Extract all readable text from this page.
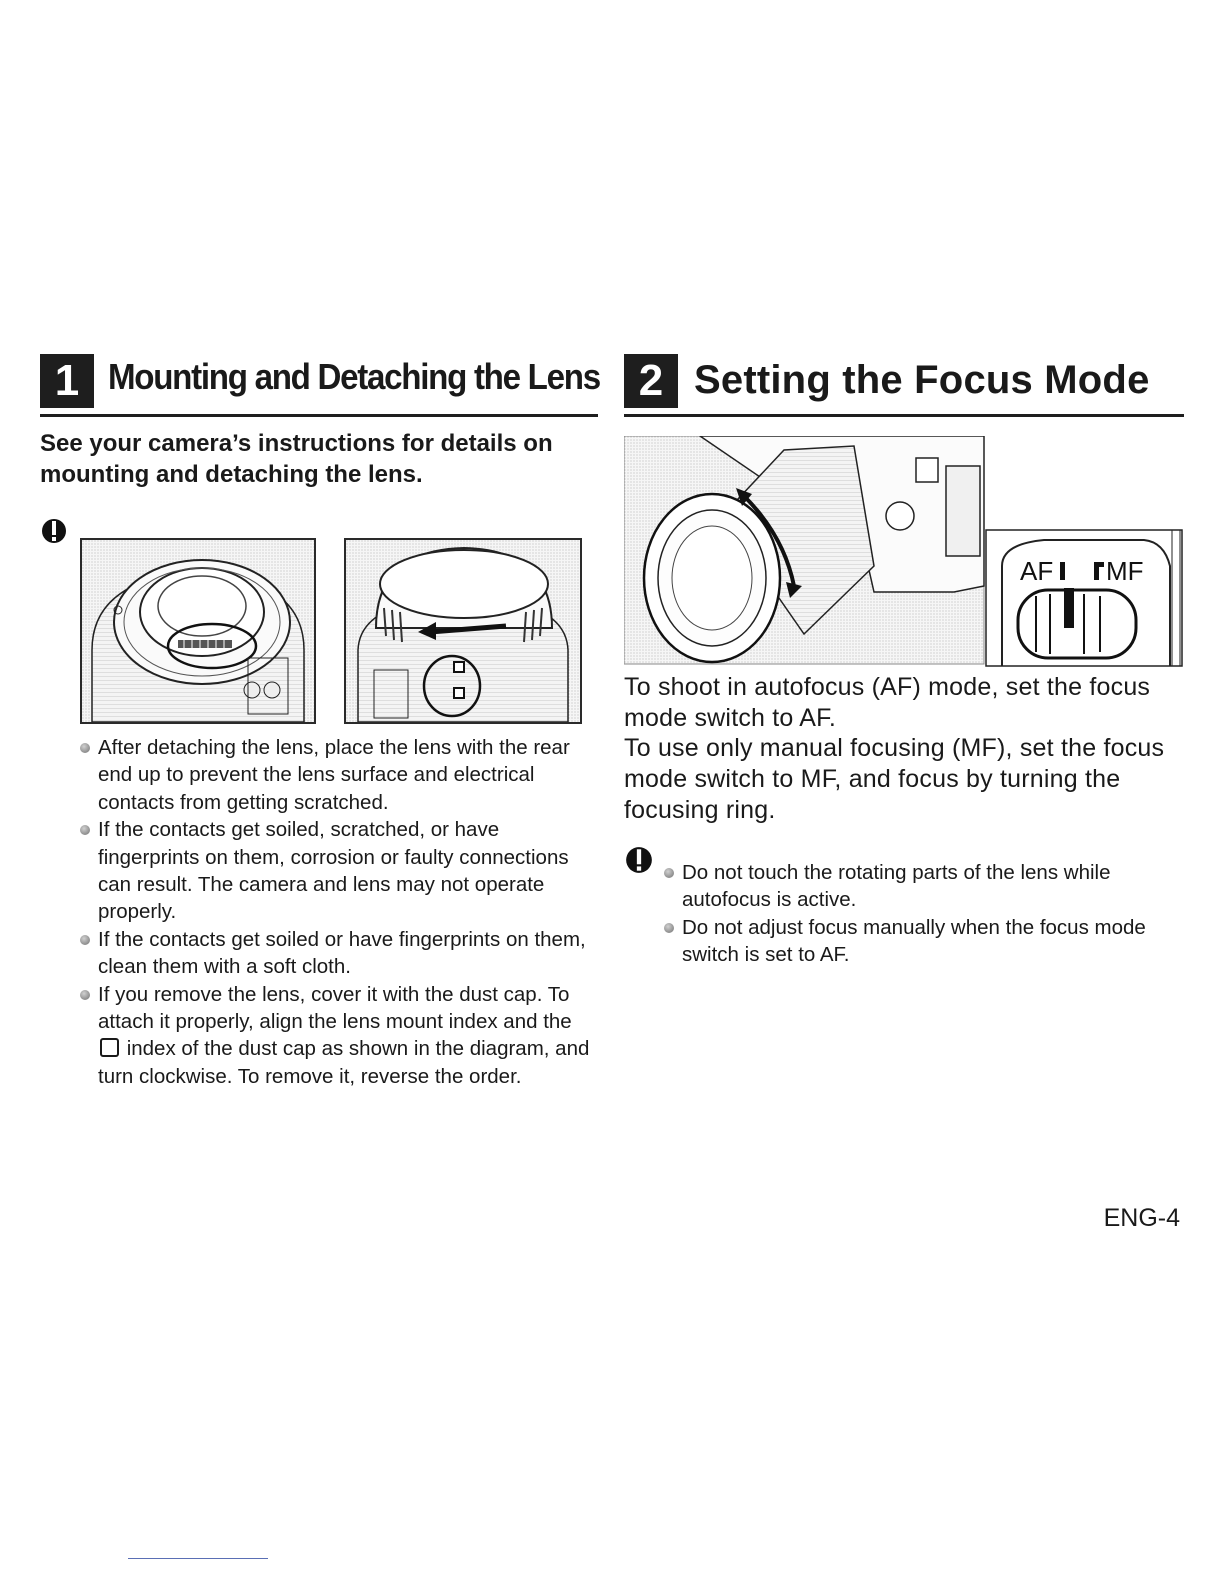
1 Mounting and Detaching the Lens
See your camera’s instructions for details on mounting and detaching the lens.
After detaching the lens, place the lens with the rear end up to prevent the lens surface and electrical contacts from getting scratched.
If the contacts get soiled, scratched, or have fingerprints on them, corrosion or faulty connections can result. The camera and lens may not operate properly.
If the contacts get soiled or have fingerprints on them, clean them with a soft cloth.
If you remove the lens, cover it with the dust cap. To attach it properly, align the lens mount index and the  index of the dust cap as shown in the diagram, and turn clockwise. To remove it, reverse the order.
2 Setting the Focus Mode
AF MF
To shoot in autofocus (AF) mode, set the focus mode switch to AF.
To use only manual focusing (MF), set the focus mode switch to MF, and focus by turning the focusing ring.
Do not touch the rotating parts of the lens while autofocus is active.
Do not adjust focus manually when the focus mode switch is set to AF.
ENG-4
